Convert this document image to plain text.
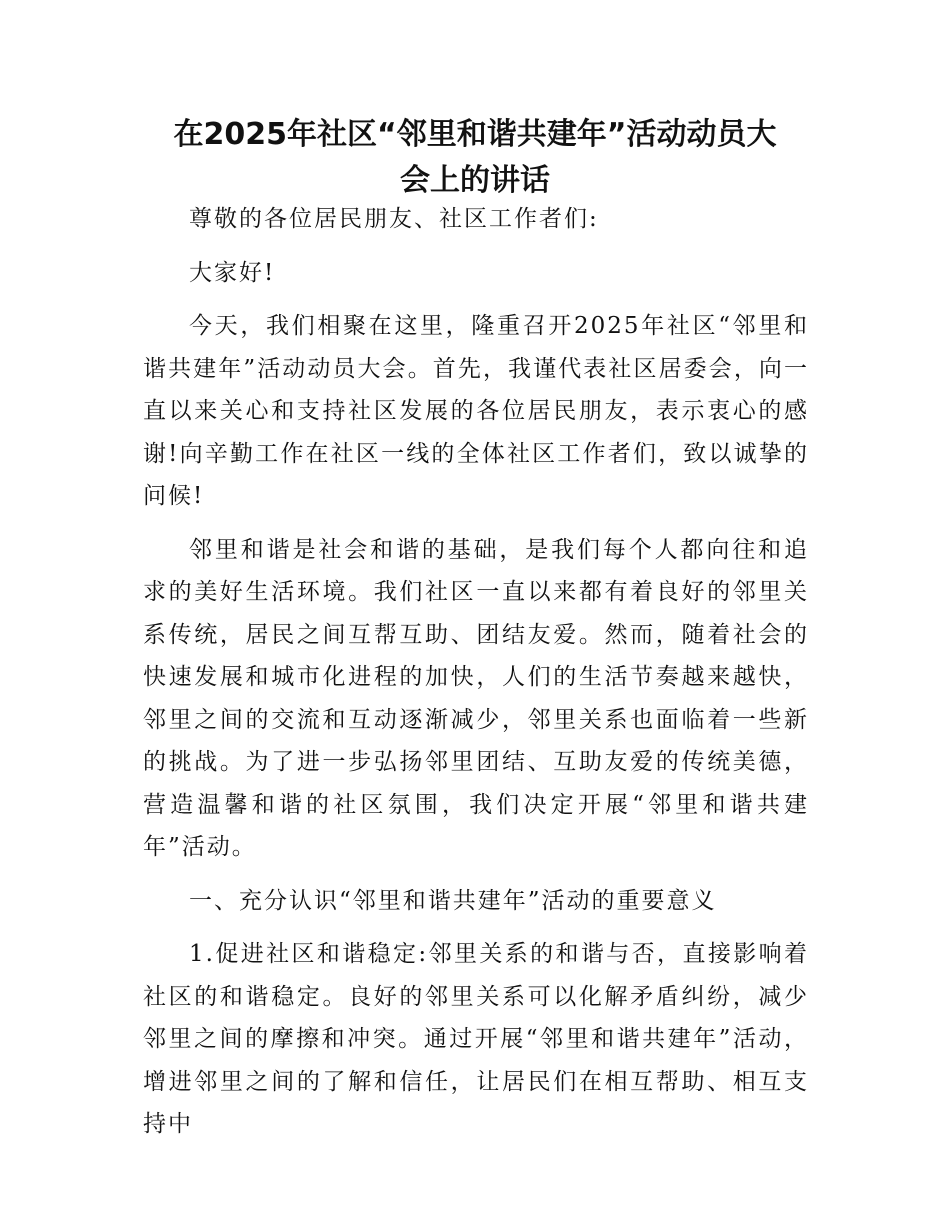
在2025年社区“邻里和谐共建年”活动动员大
会上的讲话

尊敬的各位居民朋友、社区工作者们:

大家好!

今天，我们相聚在这里，隆重召开2025年社区“邻里和谐共建年”活动动员大会。首先，我谨代表社区居委会，向一直以来关心和支持社区发展的各位居民朋友，表示衷心的感谢!向辛勤工作在社区一线的全体社区工作者们，致以诚挚的问候!

邻里和谐是社会和谐的基础，是我们每个人都向往和追求的美好生活环境。我们社区一直以来都有着良好的邻里关系传统，居民之间互帮互助、团结友爱。然而，随着社会的快速发展和城市化进程的加快，人们的生活节奏越来越快，邻里之间的交流和互动逐渐减少，邻里关系也面临着一些新的挑战。为了进一步弘扬邻里团结、互助友爱的传统美德，营造温馨和谐的社区氛围，我们决定开展“邻里和谐共建年”活动。

一、充分认识“邻里和谐共建年”活动的重要意义

1.促进社区和谐稳定:邻里关系的和谐与否，直接影响着社区的和谐稳定。良好的邻里关系可以化解矛盾纠纷，减少邻里之间的摩擦和冲突。通过开展“邻里和谐共建年”活动，增进邻里之间的了解和信任，让居民们在相互帮助、相互支持中
